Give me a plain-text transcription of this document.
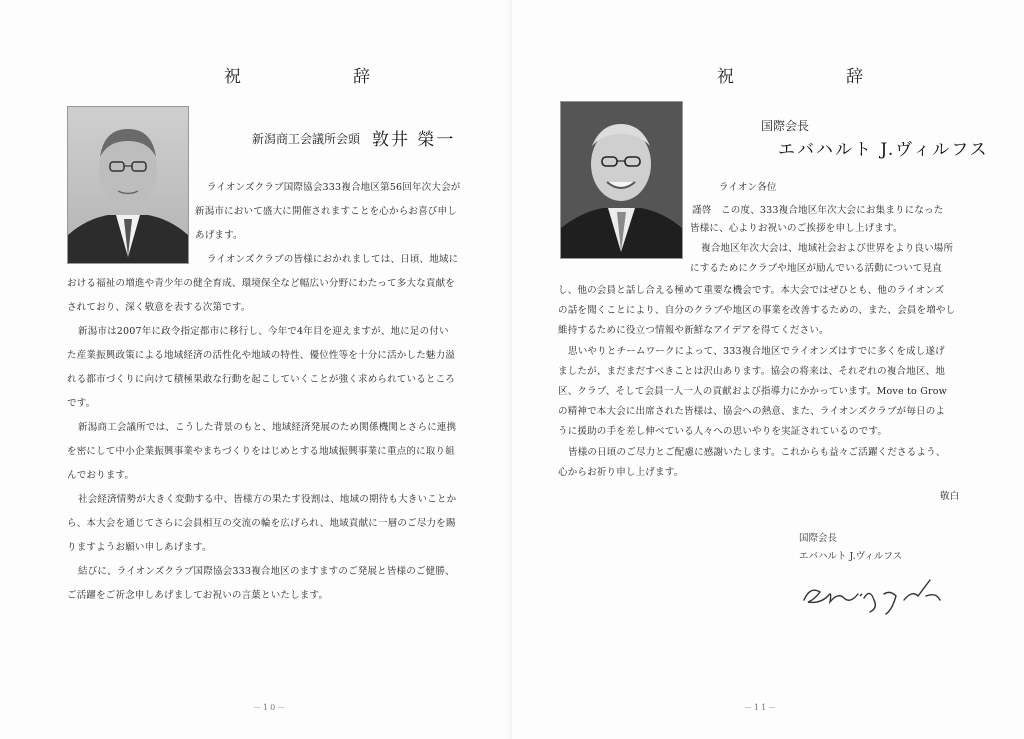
祝　　辞
新潟商工会議所会頭 敦井 榮一
ライオンズクラブ国際協会333複合地区第56回年次大会が
新潟市において盛大に開催されますことを心からお喜び申し
あげます。
ライオンズクラブの皆様におかれましては、日頃、地域に
おける福祉の増進や青少年の健全育成、環境保全など幅広い分野にわたって多大な貢献を
されており、深く敬意を表する次第です。
新潟市は2007年に政令指定都市に移行し、今年で4年目を迎えますが、地に足の付い
た産業振興政策による地域経済の活性化や地域の特性、優位性等を十分に活かした魅力溢
れる都市づくりに向けて積極果敢な行動を起こしていくことが強く求められているところ
です。
新潟商工会議所では、こうした背景のもと、地域経済発展のため関係機関とさらに連携
を密にして中小企業振興事業やまちづくりをはじめとする地域振興事業に重点的に取り組
んでおります。
社会経済情勢が大きく変動する中、皆様方の果たす役割は、地域の期待も大きいことか
ら、本大会を通じてさらに会員相互の交流の輪を広げられ、地域貢献に一層のご尽力を賜
りますようお願い申しあげます。
結びに、ライオンズクラブ国際協会333複合地区のますますのご発展と皆様のご健勝、
ご活躍をご祈念申しあげましてお祝いの言葉といたします。
－10－
祝　　辞
国際会長
エバハルト J.ヴィルフス
ライオン各位
謹啓　この度、333複合地区年次大会にお集まりになった
皆様に、心よりお祝いのご挨拶を申し上げます。
複合地区年次大会は、地域社会および世界をより良い場所
にするためにクラブや地区が励んでいる活動について見直
し、他の会員と話し合える極めて重要な機会です。本大会ではぜひとも、他のライオンズ
の話を聞くことにより、自分のクラブや地区の事業を改善するための、また、会員を増やし
維持するために役立つ情報や新鮮なアイデアを得てください。
思いやりとチームワークによって、333複合地区でライオンズはすでに多くを成し遂げ
ましたが、まだまだすべきことは沢山あります。協会の将来は、それぞれの複合地区、地
区、クラブ、そして会員一人一人の貢献および指導力にかかっています。Move to Grow
の精神で本大会に出席された皆様は、協会への熱意、また、ライオンズクラブが毎日のよ
うに援助の手を差し伸べている人々への思いやりを実証されているのです。
皆様の日頃のご尽力とご配慮に感謝いたします。これからも益々ご活躍くださるよう、
心からお祈り申し上げます。
敬白
国際会長
エバハルト J.ヴィルフス
－11－
